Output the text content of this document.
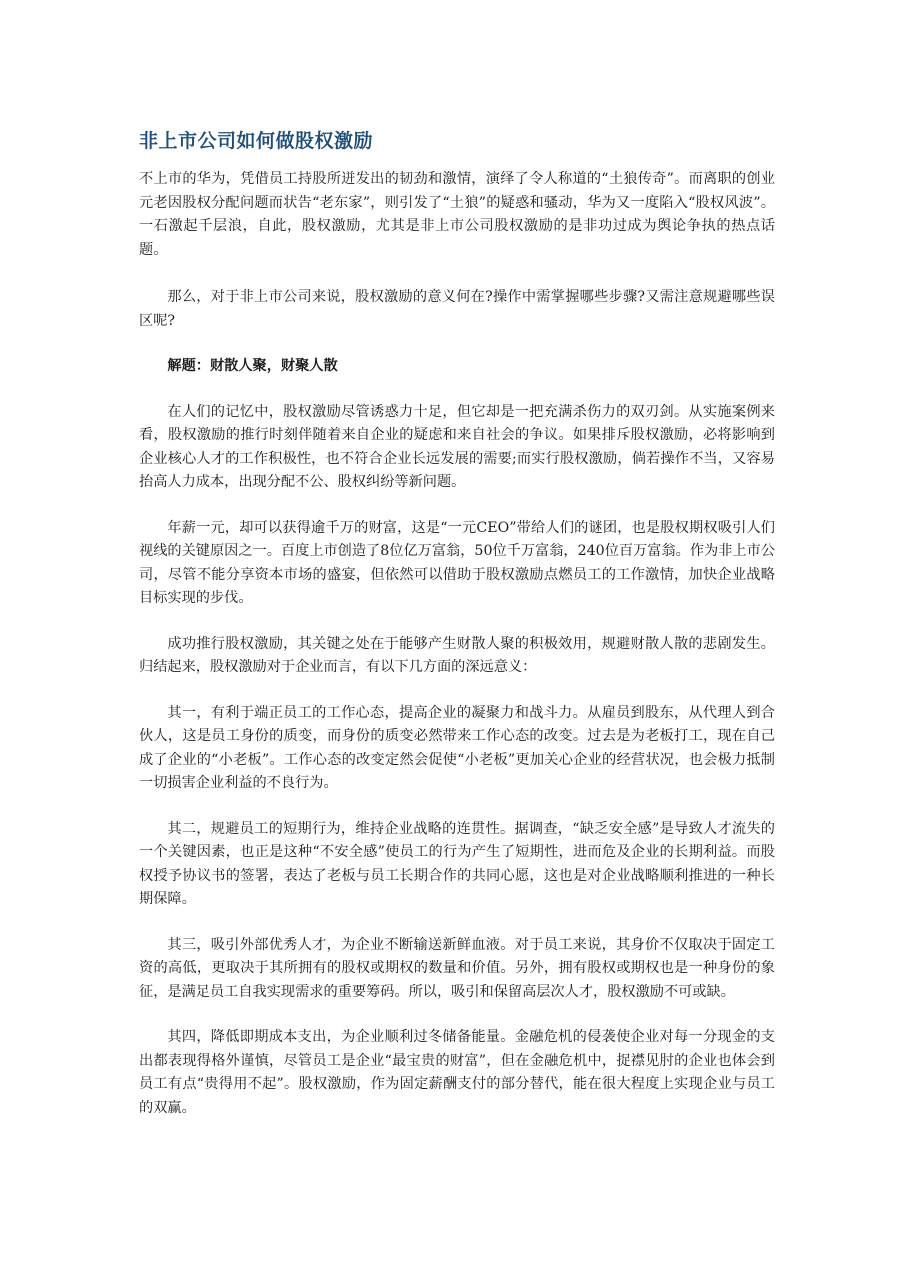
非上市公司如何做股权激励

不上市的华为，凭借员工持股所迸发出的韧劲和激情，演绎了令人称道的“土狼传奇”。而离职的创业元老因股权分配问题而状告“老东家”，则引发了“土狼”的疑惑和骚动，华为又一度陷入“股权风波”。一石激起千层浪，自此，股权激励，尤其是非上市公司股权激励的是非功过成为舆论争执的热点话题。

那么，对于非上市公司来说，股权激励的意义何在?操作中需掌握哪些步骤?又需注意规避哪些误区呢?

解题：财散人聚，财聚人散

在人们的记忆中，股权激励尽管诱惑力十足，但它却是一把充满杀伤力的双刃剑。从实施案例来看，股权激励的推行时刻伴随着来自企业的疑虑和来自社会的争议。如果排斥股权激励，必将影响到企业核心人才的工作积极性，也不符合企业长远发展的需要;而实行股权激励，倘若操作不当，又容易抬高人力成本，出现分配不公、股权纠纷等新问题。

年薪一元，却可以获得逾千万的财富，这是“一元CEO”带给人们的谜团，也是股权期权吸引人们视线的关键原因之一。百度上市创造了8位亿万富翁，50位千万富翁，240位百万富翁。作为非上市公司，尽管不能分享资本市场的盛宴，但依然可以借助于股权激励点燃员工的工作激情，加快企业战略目标实现的步伐。

成功推行股权激励，其关键之处在于能够产生财散人聚的积极效用，规避财散人散的悲剧发生。归结起来，股权激励对于企业而言，有以下几方面的深远意义：

其一，有利于端正员工的工作心态，提高企业的凝聚力和战斗力。从雇员到股东，从代理人到合伙人，这是员工身份的质变，而身份的质变必然带来工作心态的改变。过去是为老板打工，现在自己成了企业的“小老板”。工作心态的改变定然会促使“小老板”更加关心企业的经营状况，也会极力抵制一切损害企业利益的不良行为。

其二，规避员工的短期行为，维持企业战略的连贯性。据调查，“缺乏安全感”是导致人才流失的一个关键因素，也正是这种“不安全感”使员工的行为产生了短期性，进而危及企业的长期利益。而股权授予协议书的签署，表达了老板与员工长期合作的共同心愿，这也是对企业战略顺利推进的一种长期保障。

其三，吸引外部优秀人才，为企业不断输送新鲜血液。对于员工来说，其身价不仅取决于固定工资的高低，更取决于其所拥有的股权或期权的数量和价值。另外，拥有股权或期权也是一种身份的象征，是满足员工自我实现需求的重要筹码。所以，吸引和保留高层次人才，股权激励不可或缺。

其四，降低即期成本支出，为企业顺利过冬储备能量。金融危机的侵袭使企业对每一分现金的支出都表现得格外谨慎，尽管员工是企业“最宝贵的财富”，但在金融危机中，捉襟见肘的企业也体会到员工有点“贵得用不起”。股权激励，作为固定薪酬支付的部分替代，能在很大程度上实现企业与员工的双赢。
